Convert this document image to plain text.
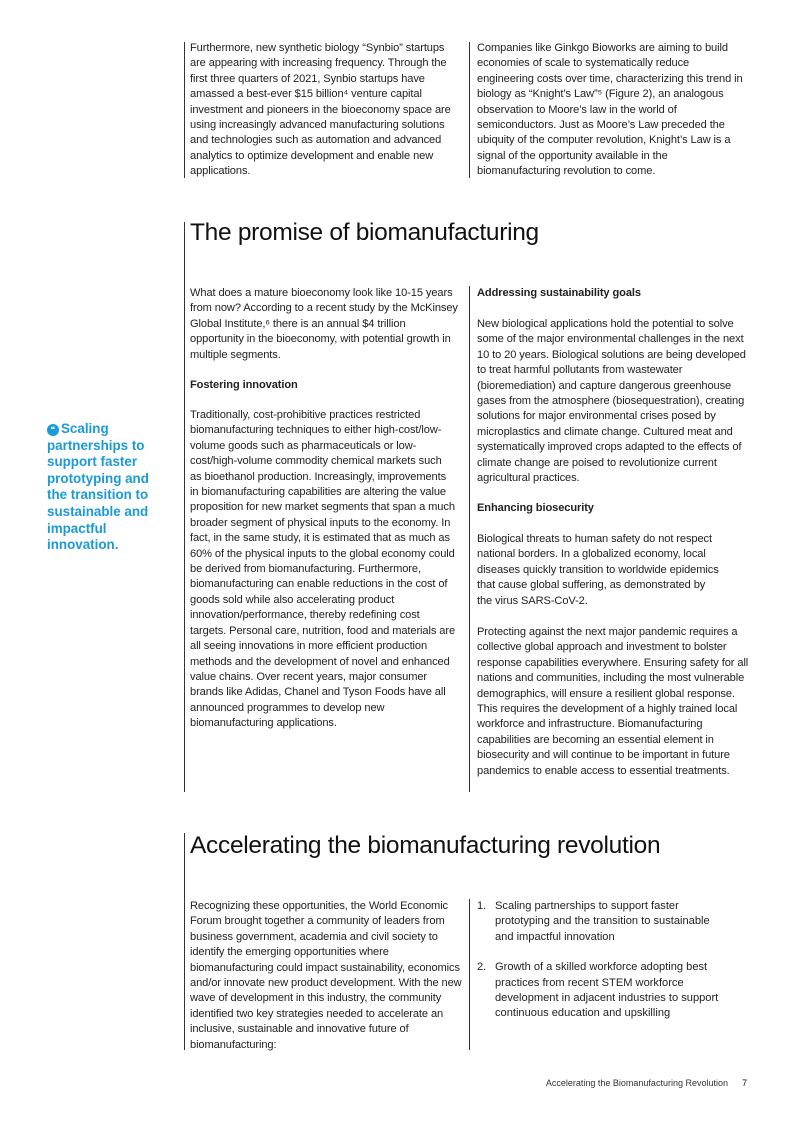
Furthermore, new synthetic biology “Synbio” startups are appearing with increasing frequency. Through the first three quarters of 2021, Synbio startups have amassed a best-ever $15 billion⁴ venture capital investment and pioneers in the bioeconomy space are using increasingly advanced manufacturing solutions and technologies such as automation and advanced analytics to optimize development and enable new applications.

Companies like Ginkgo Bioworks are aiming to build economies of scale to systematically reduce engineering costs over time, characterizing this trend in biology as “Knight’s Law”⁵ (Figure 2), an analogous observation to Moore’s law in the world of semiconductors. Just as Moore’s Law preceded the ubiquity of the computer revolution, Knight’s Law is a signal of the opportunity available in the biomanufacturing revolution to come.

The promise of biomanufacturing

❝ Scaling partnerships to support faster prototyping and the transition to sustainable and impactful innovation.

What does a mature bioeconomy look like 10-15 years from now? According to a recent study by the McKinsey Global Institute,⁶ there is an annual $4 trillion opportunity in the bioeconomy, with potential growth in multiple segments.

Fostering innovation

Traditionally, cost-prohibitive practices restricted biomanufacturing techniques to either high-cost/low-volume goods such as pharmaceuticals or low-cost/high-volume commodity chemical markets such as bioethanol production. Increasingly, improvements in biomanufacturing capabilities are altering the value proposition for new market segments that span a much broader segment of physical inputs to the economy. In fact, in the same study, it is estimated that as much as 60% of the physical inputs to the global economy could be derived from biomanufacturing. Furthermore, biomanufacturing can enable reductions in the cost of goods sold while also accelerating product innovation/performance, thereby redefining cost targets. Personal care, nutrition, food and materials are all seeing innovations in more efficient production methods and the development of novel and enhanced value chains. Over recent years, major consumer brands like Adidas, Chanel and Tyson Foods have all announced programmes to develop new biomanufacturing applications.

Addressing sustainability goals

New biological applications hold the potential to solve some of the major environmental challenges in the next 10 to 20 years. Biological solutions are being developed to treat harmful pollutants from wastewater (bioremediation) and capture dangerous greenhouse gases from the atmosphere (biosequestration), creating solutions for major environmental crises posed by microplastics and climate change. Cultured meat and systematically improved crops adapted to the effects of climate change are poised to revolutionize current agricultural practices.

Enhancing biosecurity

Biological threats to human safety do not respect national borders. In a globalized economy, local diseases quickly transition to worldwide epidemics that cause global suffering, as demonstrated by the virus SARS-CoV-2.

Protecting against the next major pandemic requires a collective global approach and investment to bolster response capabilities everywhere. Ensuring safety for all nations and communities, including the most vulnerable demographics, will ensure a resilient global response. This requires the development of a highly trained local workforce and infrastructure. Biomanufacturing capabilities are becoming an essential element in biosecurity and will continue to be important in future pandemics to enable access to essential treatments.

Accelerating the biomanufacturing revolution

Recognizing these opportunities, the World Economic Forum brought together a community of leaders from business government, academia and civil society to identify the emerging opportunities where biomanufacturing could impact sustainability, economics and/or innovate new product development. With the new wave of development in this industry, the community identified two key strategies needed to accelerate an inclusive, sustainable and innovative future of biomanufacturing:

1. Scaling partnerships to support faster prototyping and the transition to sustainable and impactful innovation
2. Growth of a skilled workforce adopting best practices from recent STEM workforce development in adjacent industries to support continuous education and upskilling

Accelerating the Biomanufacturing Revolution 7
